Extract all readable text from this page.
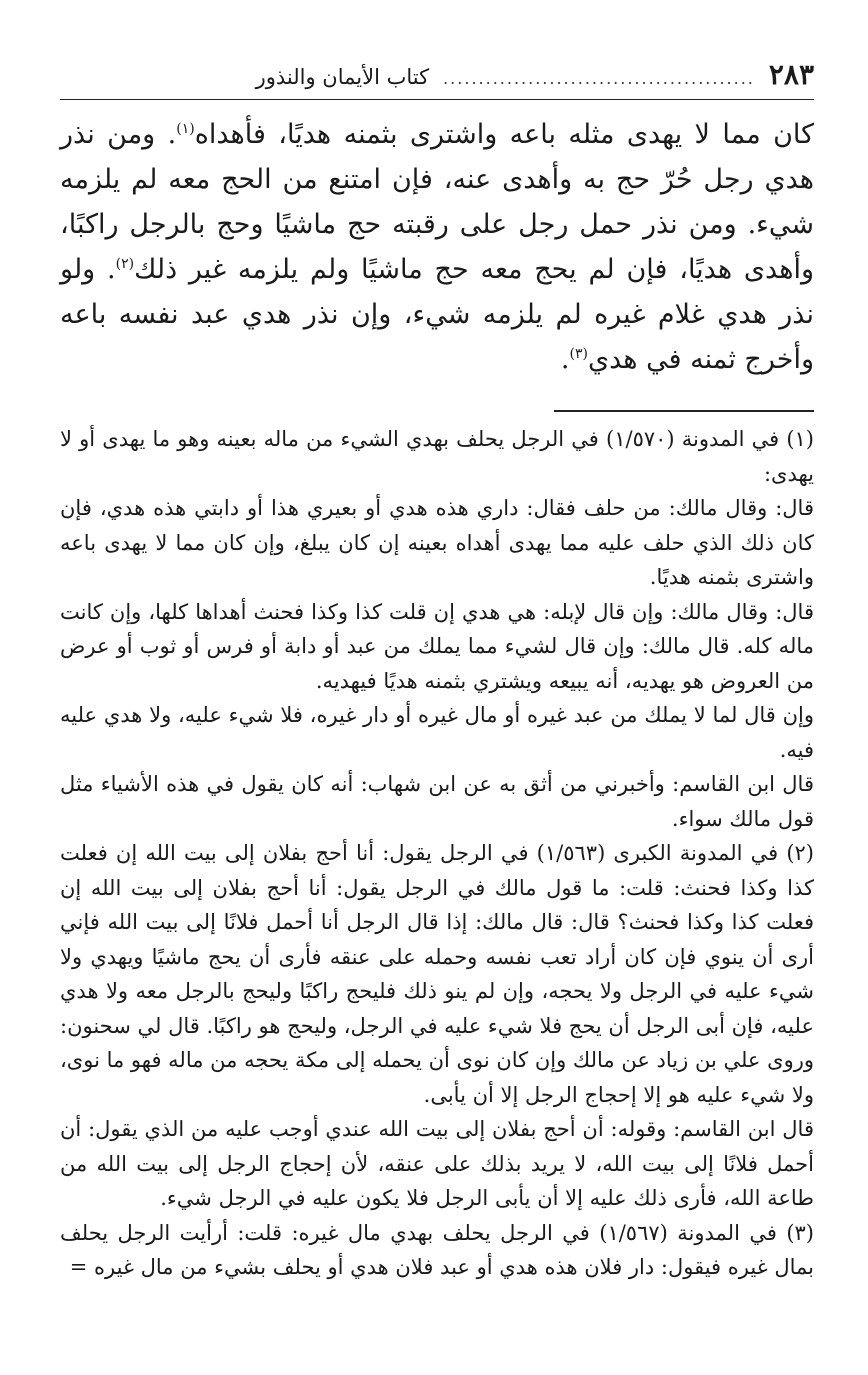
٢٨٣
............................................
كتاب الأيمان والنذور

كان مما لا يهدى مثله باعه واشترى بثمنه هديًا، فأهداه$^{(١)}$. ومن نذر هدي رجل حُرّ حج به وأهدى عنه، فإن امتنع من الحج معه لم يلزمه شيء. ومن نذر حمل رجل على رقبته حج ماشيًا وحج بالرجل راكبًا، وأهدى هديًا، فإن لم يحج معه حج ماشيًا ولم يلزمه غير ذلك$^{(٢)}$. ولو نذر هدي غلام غيره لم يلزمه شيء، وإن نذر هدي عبد نفسه باعه وأخرج ثمنه في هدي$^{(٣)}$.

(١) في المدونة (١/٥٧٠) في الرجل يحلف بهدي الشيء من ماله بعينه وهو ما يهدى أو لا يهدى:

قال: وقال مالك: من حلف فقال: داري هذه هدي أو بعيري هذا أو دابتي هذه هدي، فإن كان ذلك الذي حلف عليه مما يهدى أهداه بعينه إن كان يبلغ، وإن كان مما لا يهدى باعه واشترى بثمنه هديًا.

قال: وقال مالك: وإن قال لإبله: هي هدي إن قلت كذا وكذا فحنث أهداها كلها، وإن كانت ماله كله. قال مالك: وإن قال لشيء مما يملك من عبد أو دابة أو فرس أو ثوب أو عرض من العروض هو يهديه، أنه يبيعه ويشتري بثمنه هديًا فيهديه.

وإن قال لما لا يملك من عبد غيره أو مال غيره أو دار غيره، فلا شيء عليه، ولا هدي عليه فيه.

قال ابن القاسم: وأخبرني من أثق به عن ابن شهاب: أنه كان يقول في هذه الأشياء مثل قول مالك سواء.

(٢) في المدونة الكبرى (١/٥٦٣) في الرجل يقول: أنا أحج بفلان إلى بيت الله إن فعلت كذا وكذا فحنث: قلت: ما قول مالك في الرجل يقول: أنا أحج بفلان إلى بيت الله إن فعلت كذا وكذا فحنث؟ قال: قال مالك: إذا قال الرجل أنا أحمل فلانًا إلى بيت الله فإني أرى أن ينوي فإن كان أراد تعب نفسه وحمله على عنقه فأرى أن يحج ماشيًا ويهدي ولا شيء عليه في الرجل ولا يحجه، وإن لم ينو ذلك فليحج راكبًا وليحج بالرجل معه ولا هدي عليه، فإن أبى الرجل أن يحج فلا شيء عليه في الرجل، وليحج هو راكبًا. قال لي سحنون: وروى علي بن زياد عن مالك وإن كان نوى أن يحمله إلى مكة يحجه من ماله فهو ما نوى، ولا شيء عليه هو إلا إحجاج الرجل إلا أن يأبى.

قال ابن القاسم: وقوله: أن أحج بفلان إلى بيت الله عندي أوجب عليه من الذي يقول: أن أحمل فلانًا إلى بيت الله، لا يريد بذلك على عنقه، لأن إحجاج الرجل إلى بيت الله من طاعة الله، فأرى ذلك عليه إلا أن يأبى الرجل فلا يكون عليه في الرجل شيء.

(٣) في المدونة (١/٥٦٧) في الرجل يحلف بهدي مال غيره: قلت: أرأيت الرجل يحلف بمال غيره فيقول: دار فلان هذه هدي أو عبد فلان هدي أو يحلف بشيء من مال غيره =
